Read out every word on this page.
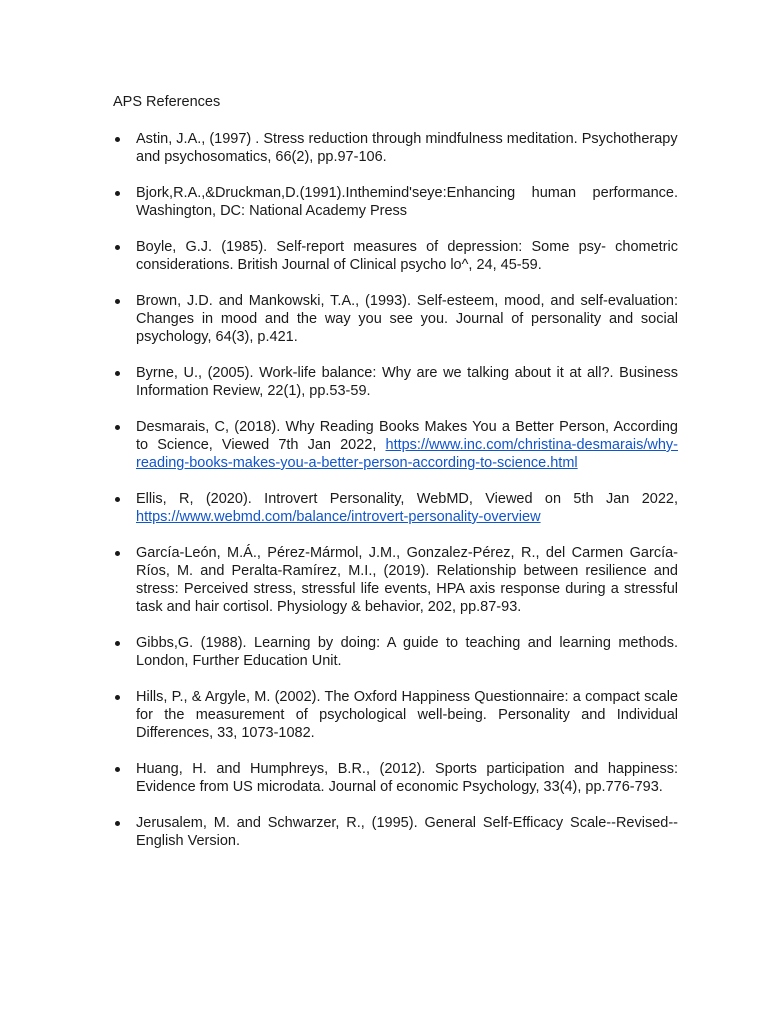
APS References
Astin, J.A., (1997) . Stress reduction through mindfulness meditation. Psychotherapy and psychosomatics, 66(2), pp.97-106.
Bjork,R.A.,&Druckman,D.(1991).Inthemind'seye:Enhancing human performance. Washington, DC: National Academy Press
Boyle, G.J. (1985). Self-report measures of depression: Some psy- chometric considerations. British Journal of Clinical psycho lo^, 24, 45-59.
Brown, J.D. and Mankowski, T.A., (1993). Self-esteem, mood, and self-evaluation: Changes in mood and the way you see you. Journal of personality and social psychology, 64(3), p.421.
Byrne, U., (2005). Work-life balance: Why are we talking about it at all?. Business Information Review, 22(1), pp.53-59.
Desmarais, C, (2018). Why Reading Books Makes You a Better Person, According to Science, Viewed 7th Jan 2022, https://www.inc.com/christina-desmarais/why-reading-books-makes-you-a-better-person-according-to-science.html
Ellis, R, (2020). Introvert Personality, WebMD, Viewed on 5th Jan 2022, https://www.webmd.com/balance/introvert-personality-overview
García-León, M.Á., Pérez-Mármol, J.M., Gonzalez-Pérez, R., del Carmen García-Ríos, M. and Peralta-Ramírez, M.I., (2019). Relationship between resilience and stress: Perceived stress, stressful life events, HPA axis response during a stressful task and hair cortisol. Physiology & behavior, 202, pp.87-93.
Gibbs,G. (1988). Learning by doing: A guide to teaching and learning methods. London, Further Education Unit.
Hills, P., & Argyle, M. (2002). The Oxford Happiness Questionnaire: a compact scale for the measurement of psychological well-being. Personality and Individual Differences, 33, 1073-1082.
Huang, H. and Humphreys, B.R., (2012). Sports participation and happiness: Evidence from US microdata. Journal of economic Psychology, 33(4), pp.776-793.
Jerusalem, M. and Schwarzer, R., (1995). General Self-Efficacy Scale--Revised--English Version.
